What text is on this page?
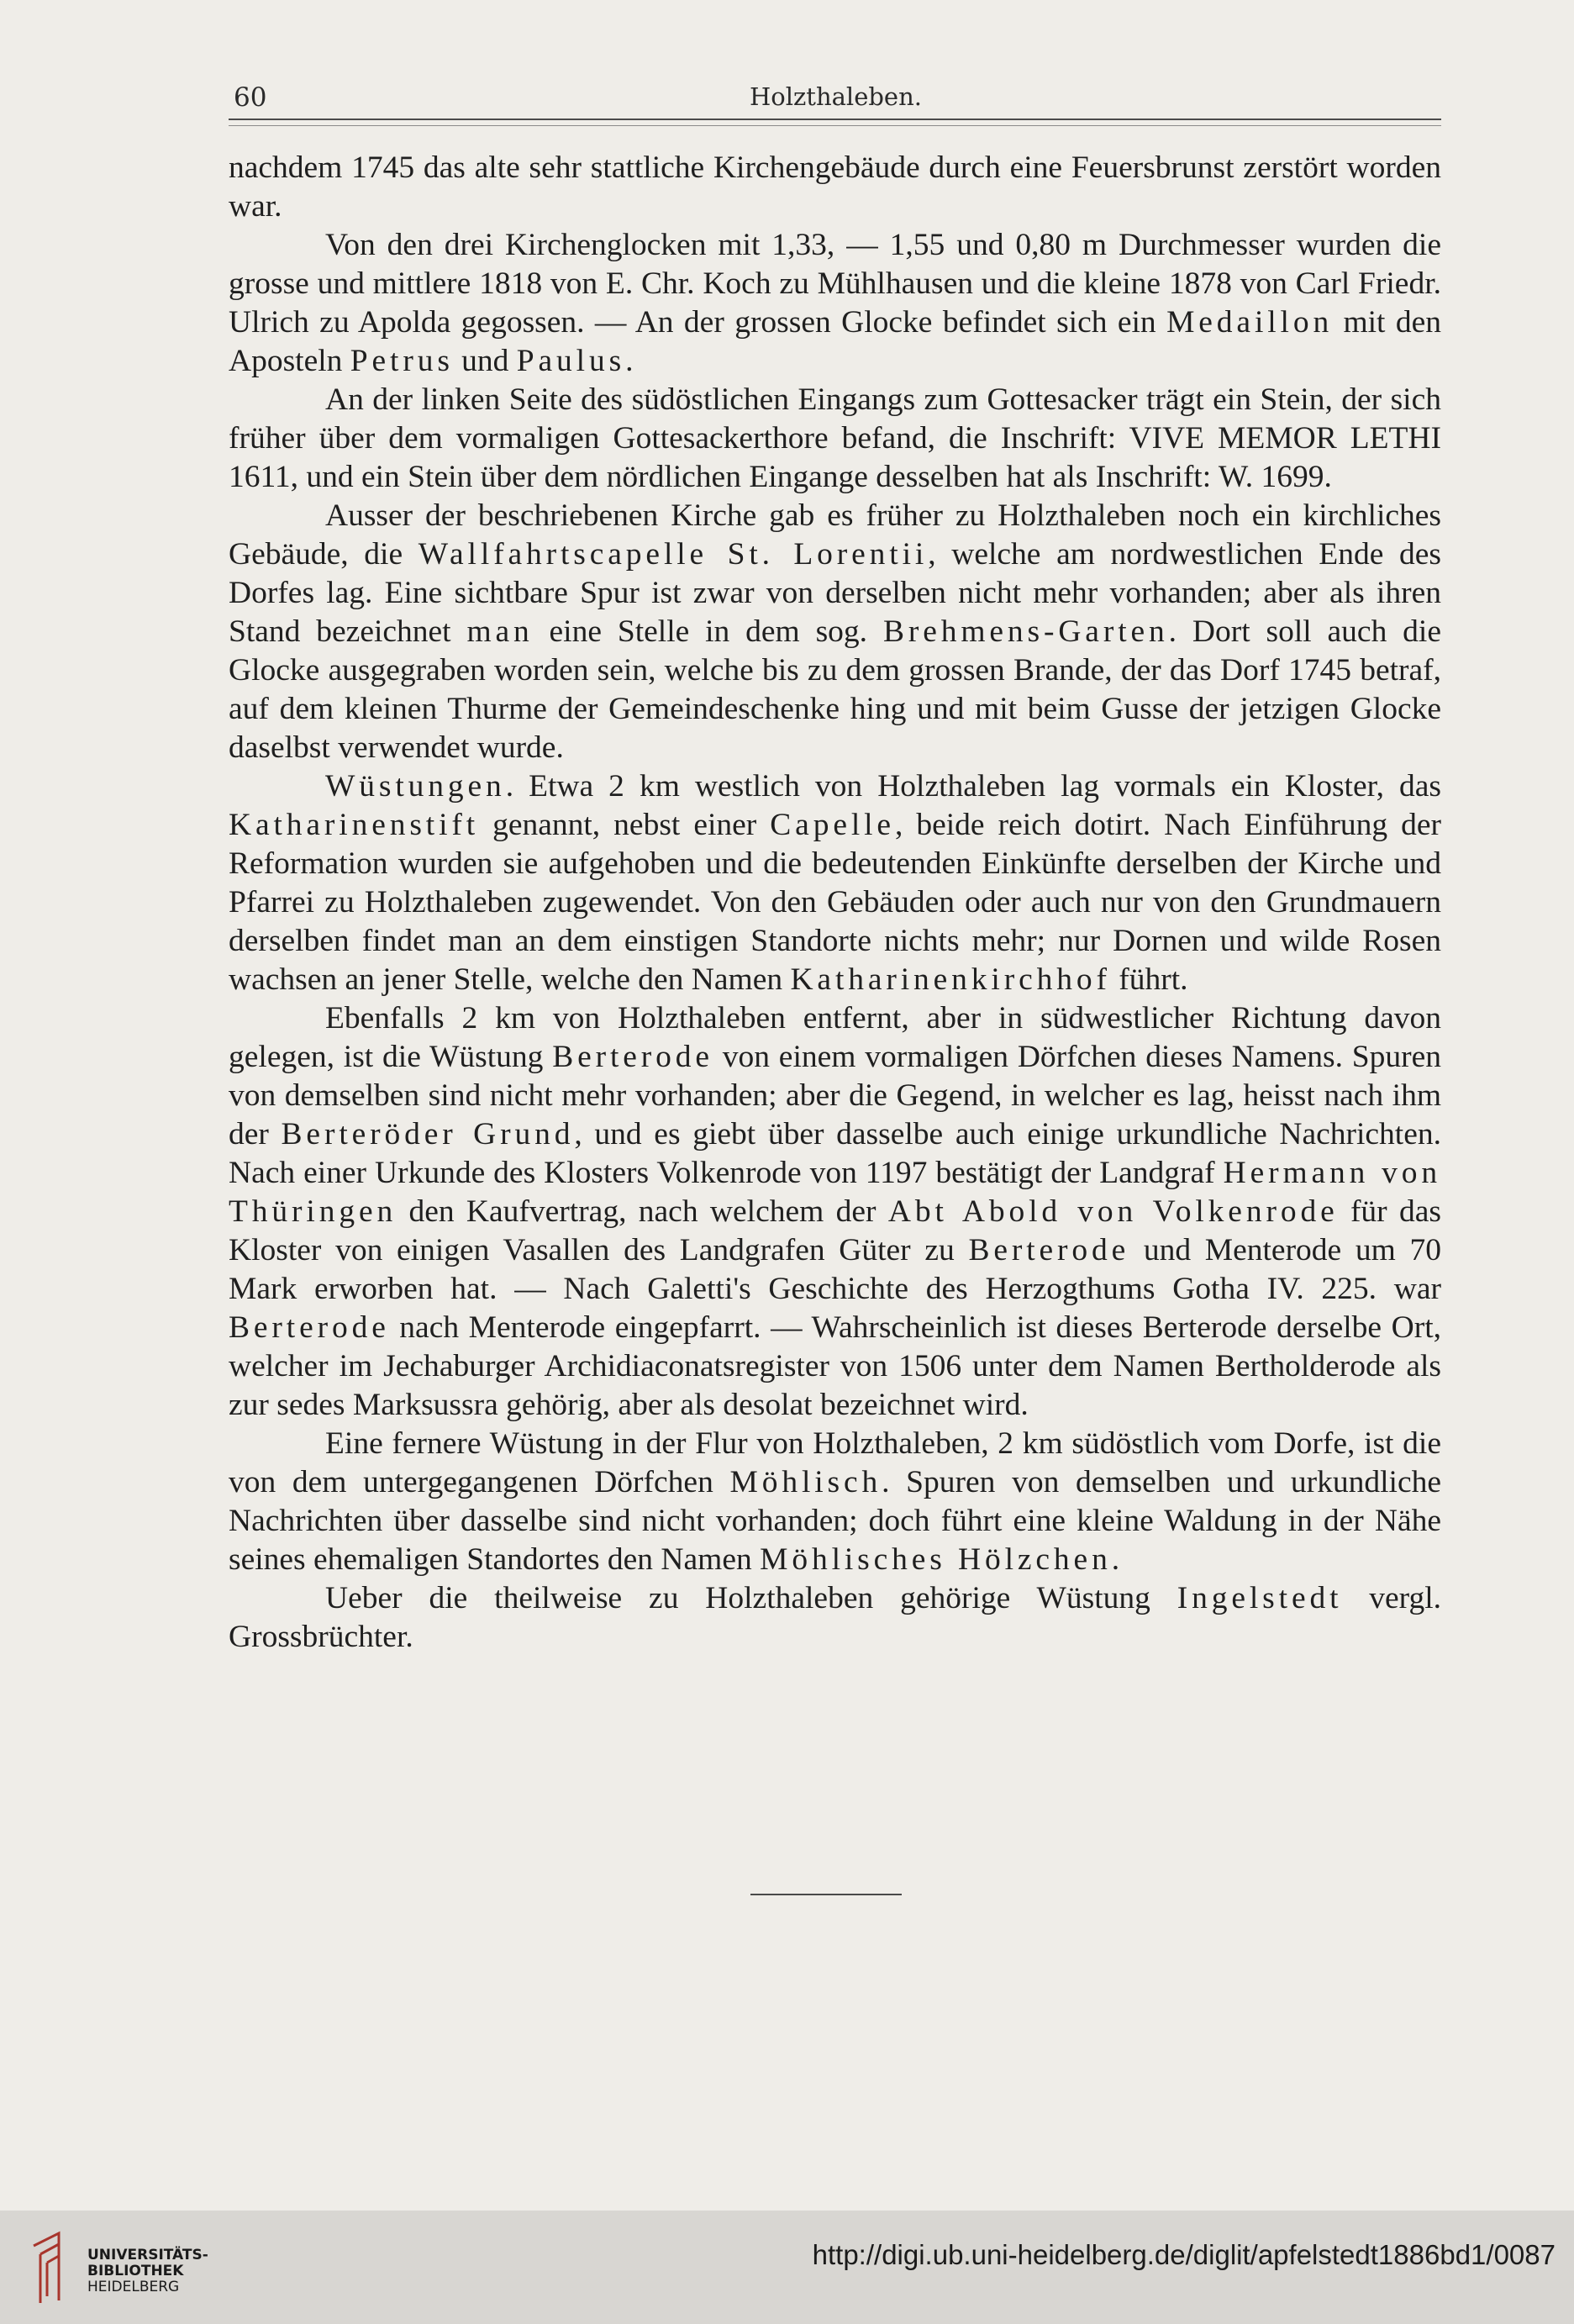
60	Holzthaleben.

nachdem 1745 das alte sehr stattliche Kirchengebäude durch eine Feuersbrunst zerstört worden war.

Von den drei Kirchenglocken mit 1,33, — 1,55 und 0,80 m Durchmesser wurden die grosse und mittlere 1818 von E. Chr. Koch zu Mühlhausen und die kleine 1878 von Carl Friedr. Ulrich zu Apolda gegossen. — An der grossen Glocke befindet sich ein Medaillon mit den Aposteln Petrus und Paulus.

An der linken Seite des südöstlichen Eingangs zum Gottesacker trägt ein Stein, der sich früher über dem vormaligen Gottesackerthore befand, die Inschrift: VIVE MEMOR LETHI 1611, und ein Stein über dem nördlichen Eingange desselben hat als Inschrift: W. 1699.

Ausser der beschriebenen Kirche gab es früher zu Holzthaleben noch ein kirchliches Gebäude, die Wallfahrtscapelle St. Lorentii, welche am nordwestlichen Ende des Dorfes lag. Eine sichtbare Spur ist zwar von derselben nicht mehr vorhanden; aber als ihren Stand bezeichnet man eine Stelle in dem sog. Brehmens-Garten. Dort soll auch die Glocke ausgegraben worden sein, welche bis zu dem grossen Brande, der das Dorf 1745 betraf, auf dem kleinen Thurme der Gemeindeschenke hing und mit beim Gusse der jetzigen Glocke daselbst verwendet wurde.

Wüstungen. Etwa 2 km westlich von Holzthaleben lag vormals ein Kloster, das Katharinenstift genannt, nebst einer Capelle, beide reich dotirt. Nach Einführung der Reformation wurden sie aufgehoben und die bedeutenden Einkünfte derselben der Kirche und Pfarrei zu Holzthaleben zugewendet. Von den Gebäuden oder auch nur von den Grundmauern derselben findet man an dem einstigen Standorte nichts mehr; nur Dornen und wilde Rosen wachsen an jener Stelle, welche den Namen Katharinenkirchhof führt.

Ebenfalls 2 km von Holzthaleben entfernt, aber in südwestlicher Richtung davon gelegen, ist die Wüstung Berterode von einem vormaligen Dörfchen dieses Namens. Spuren von demselben sind nicht mehr vorhanden; aber die Gegend, in welcher es lag, heisst nach ihm der Berteröder Grund, und es giebt über dasselbe auch einige urkundliche Nachrichten. Nach einer Urkunde des Klosters Volkenrode von 1197 bestätigt der Landgraf Hermann von Thüringen den Kaufvertrag, nach welchem der Abt Abold von Volkenrode für das Kloster von einigen Vasallen des Landgrafen Güter zu Berterode und Menterode um 70 Mark erworben hat. — Nach Galetti's Geschichte des Herzogthums Gotha IV. 225. war Berterode nach Menterode eingepfarrt. — Wahrscheinlich ist dieses Berterode derselbe Ort, welcher im Jechaburger Archidiaconatsregister von 1506 unter dem Namen Bertholderode als zur sedes Marksussra gehörig, aber als desolat bezeichnet wird.

Eine fernere Wüstung in der Flur von Holzthaleben, 2 km südöstlich vom Dorfe, ist die von dem untergegangenen Dörfchen Möhlisch. Spuren von demselben und urkundliche Nachrichten über dasselbe sind nicht vorhanden; doch führt eine kleine Waldung in der Nähe seines ehemaligen Standortes den Namen Möhlisches Hölzchen.

Ueber die theilweise zu Holzthaleben gehörige Wüstung Ingelstedt vergl. Grossbrüchter.

UNIVERSITÄTS-
BIBLIOTHEK
HEIDELBERG
http://digi.ub.uni-heidelberg.de/diglit/apfelstedt1886bd1/0087
